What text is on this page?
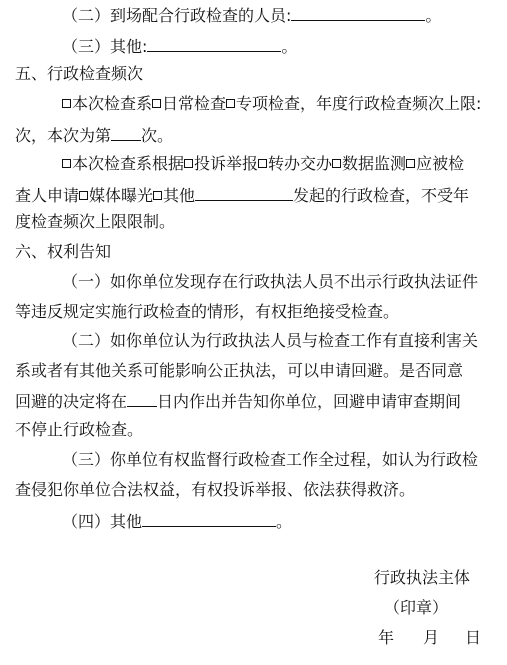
（二）到场配合行政检查的人员:	。
（三）其他:	。
五、行政检查频次
本次检查系 日常检查 专项检查，年度行政检查频次上限:
次，本次为第 次。
本次检查系根据 投诉举报 转办交办 数据监测 应被检
查人申请 媒体曝光 其他	发起的行政检查，不受年
度检查频次上限限制。
六、权利告知
（一）如你单位发现存在行政执法人员不出示行政执法证件
等违反规定实施行政检查的情形，有权拒绝接受检查。
（二）如你单位认为行政执法人员与检查工作有直接利害关
系或者有其他关系可能影响公正执法，可以申请回避。是否同意
回避的决定将在 日内作出并告知你单位，回避申请审查期间
不停止行政检查。
（三）你单位有权监督行政检查工作全过程，如认为行政检
查侵犯你单位合法权益，有权投诉举报、依法获得救济。
（四）其他	。
行政执法主体
（印章）
年 月 日
